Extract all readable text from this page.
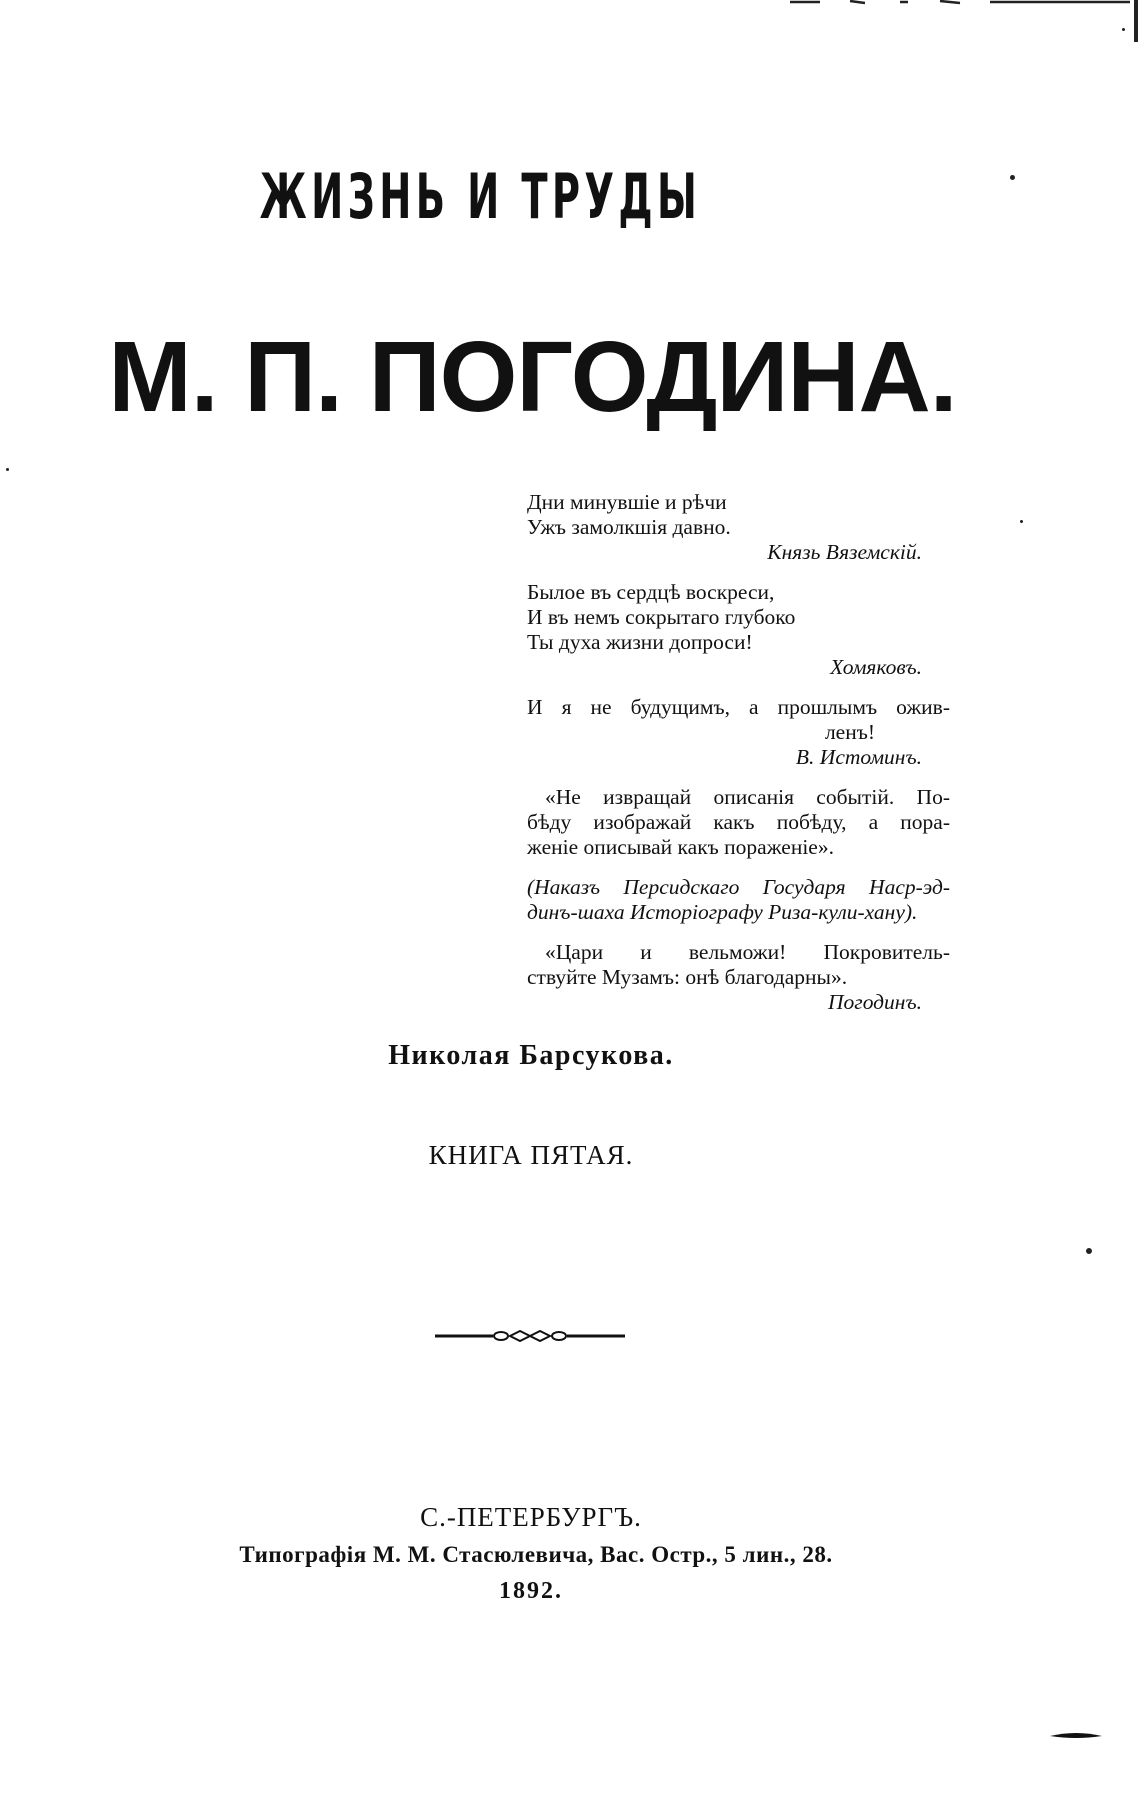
ЖИЗНЬ И ТРУДЫ
М. П. ПОГОДИНА.
Дни минувшіе и рѣчи
Ужъ замолкшія давно.
Князь Вяземскій.
Былое въ сердцѣ воскреси,
И въ немъ сокрытаго глубоко
Ты духа жизни допроси!
Хомяковъ.
И я не будущимъ, а прошлымъ ожив-
ленъ!
В. Истоминъ.
«Не извращай описанія событій. По-
бѣду изображай какъ побѣду, а пора-
женіе описывай какъ пораженіе».
(Наказъ Персидскаго Государя Наср-эд-
динъ-шаха Исторіографу Риза-кули-хану).
«Цари и вельможи! Покровитель-
ствуйте Музамъ: онѣ благодарны».
Погодинъ.
Николая Барсукова.
КНИГА ПЯТАЯ.
С.-ПЕТЕРБУРГЪ.
Типографія М. М. Стасюлевича, Вас. Остр., 5 лин., 28.
1892.
